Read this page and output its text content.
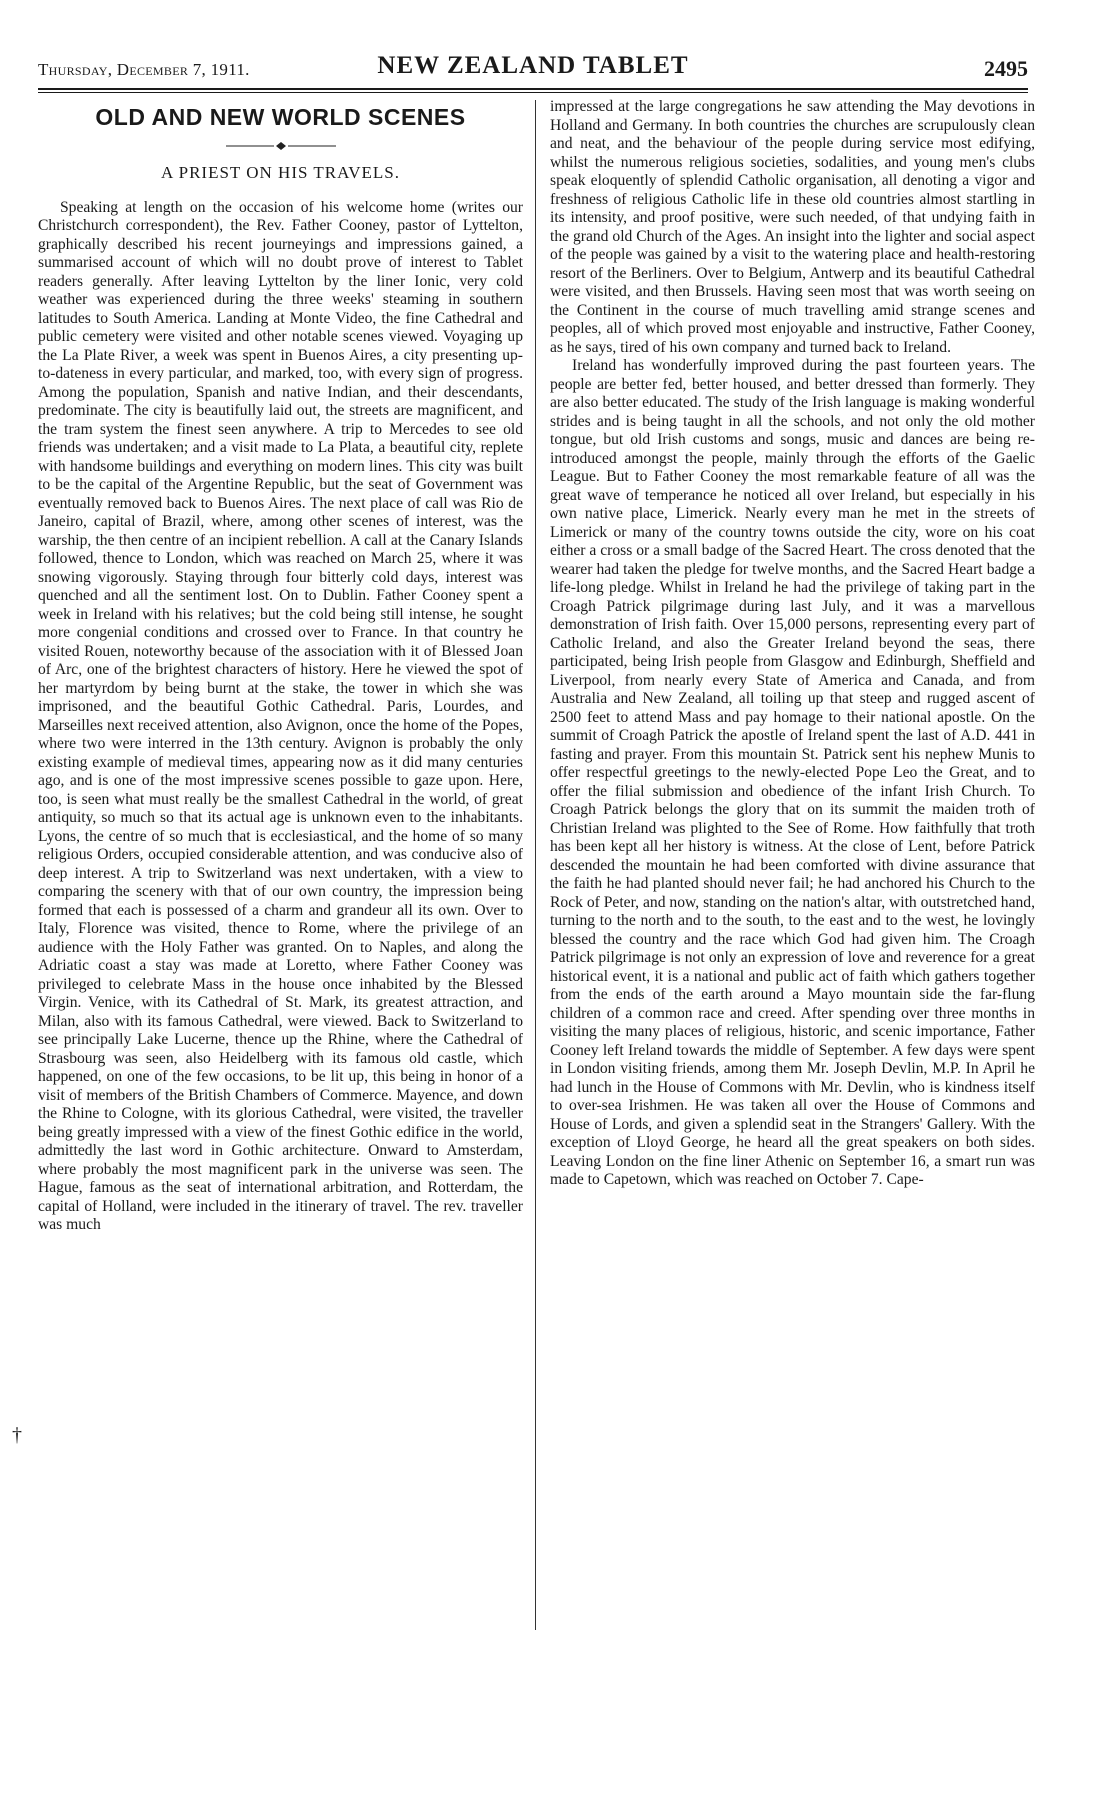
Thursday, December 7, 1911.	NEW ZEALAND TABLET	2495
OLD AND NEW WORLD SCENES
A PRIEST ON HIS TRAVELS.

Speaking at length on the occasion of his welcome home (writes our Christchurch correspondent), the Rev. Father Cooney, pastor of Lyttelton, graphically described his recent journeyings and impressions gained, a summarised account of which will no doubt prove of interest to Tablet readers generally. After leaving Lyttelton by the liner Ionic, very cold weather was experienced during the three weeks' steaming in southern latitudes to South America. Landing at Monte Video, the fine Cathedral and public cemetery were visited and other notable scenes viewed. Voyaging up the La Plate River, a week was spent in Buenos Aires, a city presenting up-to-dateness in every particular, and marked, too, with every sign of progress. Among the population, Spanish and native Indian, and their descendants, predominate. The city is beautifully laid out, the streets are magnificent, and the tram system the finest seen anywhere. A trip to Mercedes to see old friends was undertaken; and a visit made to La Plata, a beautiful city, replete with handsome buildings and everything on modern lines. This city was built to be the capital of the Argentine Republic, but the seat of Government was eventually removed back to Buenos Aires. The next place of call was Rio de Janeiro, capital of Brazil, where, among other scenes of interest, was the warship, the then centre of an incipient rebellion. A call at the Canary Islands followed, thence to London, which was reached on March 25, where it was snowing vigorously. Staying through four bitterly cold days, interest was quenched and all the sentiment lost. On to Dublin. Father Cooney spent a week in Ireland with his relatives; but the cold being still intense, he sought more congenial conditions and crossed over to France. In that country he visited Rouen, noteworthy because of the association with it of Blessed Joan of Arc, one of the brightest characters of history. Here he viewed the spot of her martyrdom by being burnt at the stake, the tower in which she was imprisoned, and the beautiful Gothic Cathedral. Paris, Lourdes, and Marseilles next received attention, also Avignon, once the home of the Popes, where two were interred in the 13th century. Avignon is probably the only existing example of medieval times, appearing now as it did many centuries ago, and is one of the most impressive scenes possible to gaze upon. Here, too, is seen what must really be the smallest Cathedral in the world, of great antiquity, so much so that its actual age is unknown even to the inhabitants. Lyons, the centre of so much that is ecclesiastical, and the home of so many religious Orders, occupied considerable attention, and was conducive also of deep interest. A trip to Switzerland was next undertaken, with a view to comparing the scenery with that of our own country, the impression being formed that each is possessed of a charm and grandeur all its own. Over to Italy, Florence was visited, thence to Rome, where the privilege of an audience with the Holy Father was granted. On to Naples, and along the Adriatic coast a stay was made at Loretto, where Father Cooney was privileged to celebrate Mass in the house once inhabited by the Blessed Virgin. Venice, with its Cathedral of St. Mark, its greatest attraction, and Milan, also with its famous Cathedral, were viewed. Back to Switzerland to see principally Lake Lucerne, thence up the Rhine, where the Cathedral of Strasbourg was seen, also Heidelberg with its famous old castle, which happened, on one of the few occasions, to be lit up, this being in honor of a visit of members of the British Chambers of Commerce. Mayence, and down the Rhine to Cologne, with its glorious Cathedral, were visited, the traveller being greatly impressed with a view of the finest Gothic edifice in the world, admittedly the last word in Gothic architecture. Onward to Amsterdam, where probably the most magnificent park in the universe was seen. The Hague, famous as the seat of international arbitration, and Rotterdam, the capital of Holland, were included in the itinerary of travel. The rev. traveller was much

impressed at the large congregations he saw attending the May devotions in Holland and Germany. In both countries the churches are scrupulously clean and neat, and the behaviour of the people during service most edifying, whilst the numerous religious societies, sodalities, and young men's clubs speak eloquently of splendid Catholic organisation, all denoting a vigor and freshness of religious Catholic life in these old countries almost startling in its intensity, and proof positive, were such needed, of that undying faith in the grand old Church of the Ages. An insight into the lighter and social aspect of the people was gained by a visit to the watering place and health-restoring resort of the Berliners. Over to Belgium, Antwerp and its beautiful Cathedral were visited, and then Brussels. Having seen most that was worth seeing on the Continent in the course of much travelling amid strange scenes and peoples, all of which proved most enjoyable and instructive, Father Cooney, as he says, tired of his own company and turned back to Ireland.

Ireland has wonderfully improved during the past fourteen years. The people are better fed, better housed, and better dressed than formerly. They are also better educated. The study of the Irish language is making wonderful strides and is being taught in all the schools, and not only the old mother tongue, but old Irish customs and songs, music and dances are being re-introduced amongst the people, mainly through the efforts of the Gaelic League. But to Father Cooney the most remarkable feature of all was the great wave of temperance he noticed all over Ireland, but especially in his own native place, Limerick. Nearly every man he met in the streets of Limerick or many of the country towns outside the city, wore on his coat either a cross or a small badge of the Sacred Heart. The cross denoted that the wearer had taken the pledge for twelve months, and the Sacred Heart badge a life-long pledge. Whilst in Ireland he had the privilege of taking part in the Croagh Patrick pilgrimage during last July, and it was a marvellous demonstration of Irish faith. Over 15,000 persons, representing every part of Catholic Ireland, and also the Greater Ireland beyond the seas, there participated, being Irish people from Glasgow and Edinburgh, Sheffield and Liverpool, from nearly every State of America and Canada, and from Australia and New Zealand, all toiling up that steep and rugged ascent of 2500 feet to attend Mass and pay homage to their national apostle. On the summit of Croagh Patrick the apostle of Ireland spent the last of A.D. 441 in fasting and prayer. From this mountain St. Patrick sent his nephew Munis to offer respectful greetings to the newly-elected Pope Leo the Great, and to offer the filial submission and obedience of the infant Irish Church. To Croagh Patrick belongs the glory that on its summit the maiden troth of Christian Ireland was plighted to the See of Rome. How faithfully that troth has been kept all her history is witness. At the close of Lent, before Patrick descended the mountain he had been comforted with divine assurance that the faith he had planted should never fail; he had anchored his Church to the Rock of Peter, and now, standing on the nation's altar, with outstretched hand, turning to the north and to the south, to the east and to the west, he lovingly blessed the country and the race which God had given him. The Croagh Patrick pilgrimage is not only an expression of love and reverence for a great historical event, it is a national and public act of faith which gathers together from the ends of the earth around a Mayo mountain side the far-flung children of a common race and creed. After spending over three months in visiting the many places of religious, historic, and scenic importance, Father Cooney left Ireland towards the middle of September. A few days were spent in London visiting friends, among them Mr. Joseph Devlin, M.P. In April he had lunch in the House of Commons with Mr. Devlin, who is kindness itself to over-sea Irishmen. He was taken all over the House of Commons and House of Lords, and given a splendid seat in the Strangers' Gallery. With the exception of Lloyd George, he heard all the great speakers on both sides. Leaving London on the fine liner Athenic on September 16, a smart run was made to Capetown, which was reached on October 7. Cape-

†
